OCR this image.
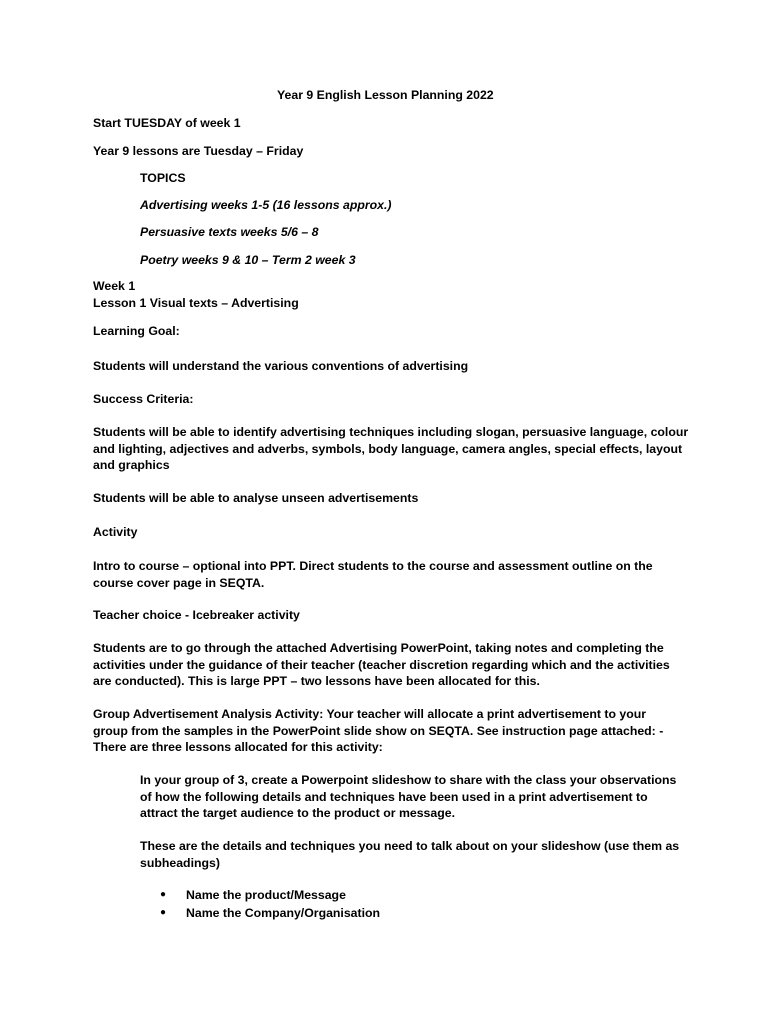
Year 9 English Lesson Planning 2022
Start TUESDAY of week 1
Year 9 lessons are Tuesday – Friday
TOPICS
Advertising weeks 1-5 (16 lessons approx.)
Persuasive texts weeks 5/6 – 8
Poetry weeks 9 & 10 – Term 2 week 3
Week 1
Lesson 1 Visual texts – Advertising
Learning Goal:
Students will understand the various conventions of advertising
Success Criteria:
Students will be able to identify advertising techniques including slogan, persuasive language, colour
and lighting, adjectives and adverbs, symbols, body language, camera angles, special effects, layout
and graphics
Students will be able to analyse unseen advertisements
Activity
Intro to course – optional into PPT. Direct students to the course and assessment outline on the
course cover page in SEQTA.
Teacher choice - Icebreaker activity
Students are to go through the attached Advertising PowerPoint, taking notes and completing the
activities under the guidance of their teacher (teacher discretion regarding which and the activities
are conducted). This is large PPT – two lessons have been allocated for this.
Group Advertisement Analysis Activity: Your teacher will allocate a print advertisement to your
group from the samples in the PowerPoint slide show on SEQTA. See instruction page attached: -
There are three lessons allocated for this activity:
In your group of 3, create a Powerpoint slideshow to share with the class your observations
of how the following details and techniques have been used in a print advertisement to
attract the target audience to the product or message.
These are the details and techniques you need to talk about on your slideshow (use them as
subheadings)
● Name the product/Message
● Name the Company/Organisation
